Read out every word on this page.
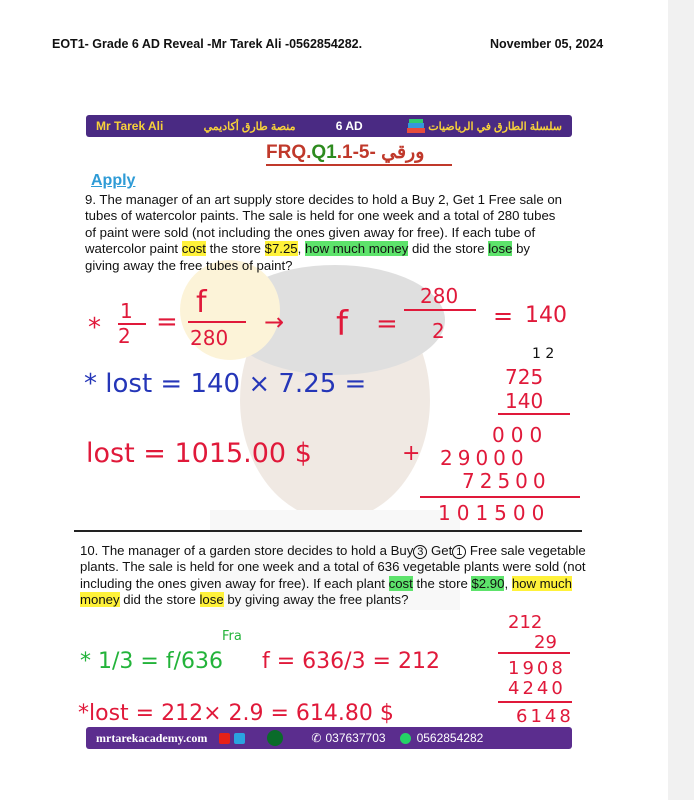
EOT1- Grade 6 AD Reveal -Mr Tarek Ali -0562854282.	November 05, 2024
Mr Tarek Ali	منصة طارق أكاديمي	6 AD	سلسلة الطارق في الرياضيات
FRQ.Q1.1-5- ورقي
Apply
9. The manager of an art supply store decides to hold a Buy 2, Get 1 Free sale on tubes of watercolor paints. The sale is held for one week and a total of 280 tubes of paint were sold (not including the ones given away for free). If each tube of watercolor paint cost the store $7.25, how much money did the store lose by giving away the free tubes of paint?
10. The manager of a garden store decides to hold a Buy 3 Get 1 Free sale vegetable plants. The sale is held for one week and a total of 636 vegetable plants were sold (not including the ones given away for free). If each plant cost the store $2.90, how much money did the store lose by giving away the free plants?
*
1
2 =
f
280
→ f =
280
2
= 140
* lost = 140 × 7.25 =
lost = 1015.00 $
1 2
725
140
000
+ 29000
72500
101500
* 1/3 = f/636
Fra
f = 636/3 = 212
*lost = 212× 2.9 = 614.80 $
212
29
1908
4240
6148
mrtarekacademy.com	✆ 037637703	0562854282
